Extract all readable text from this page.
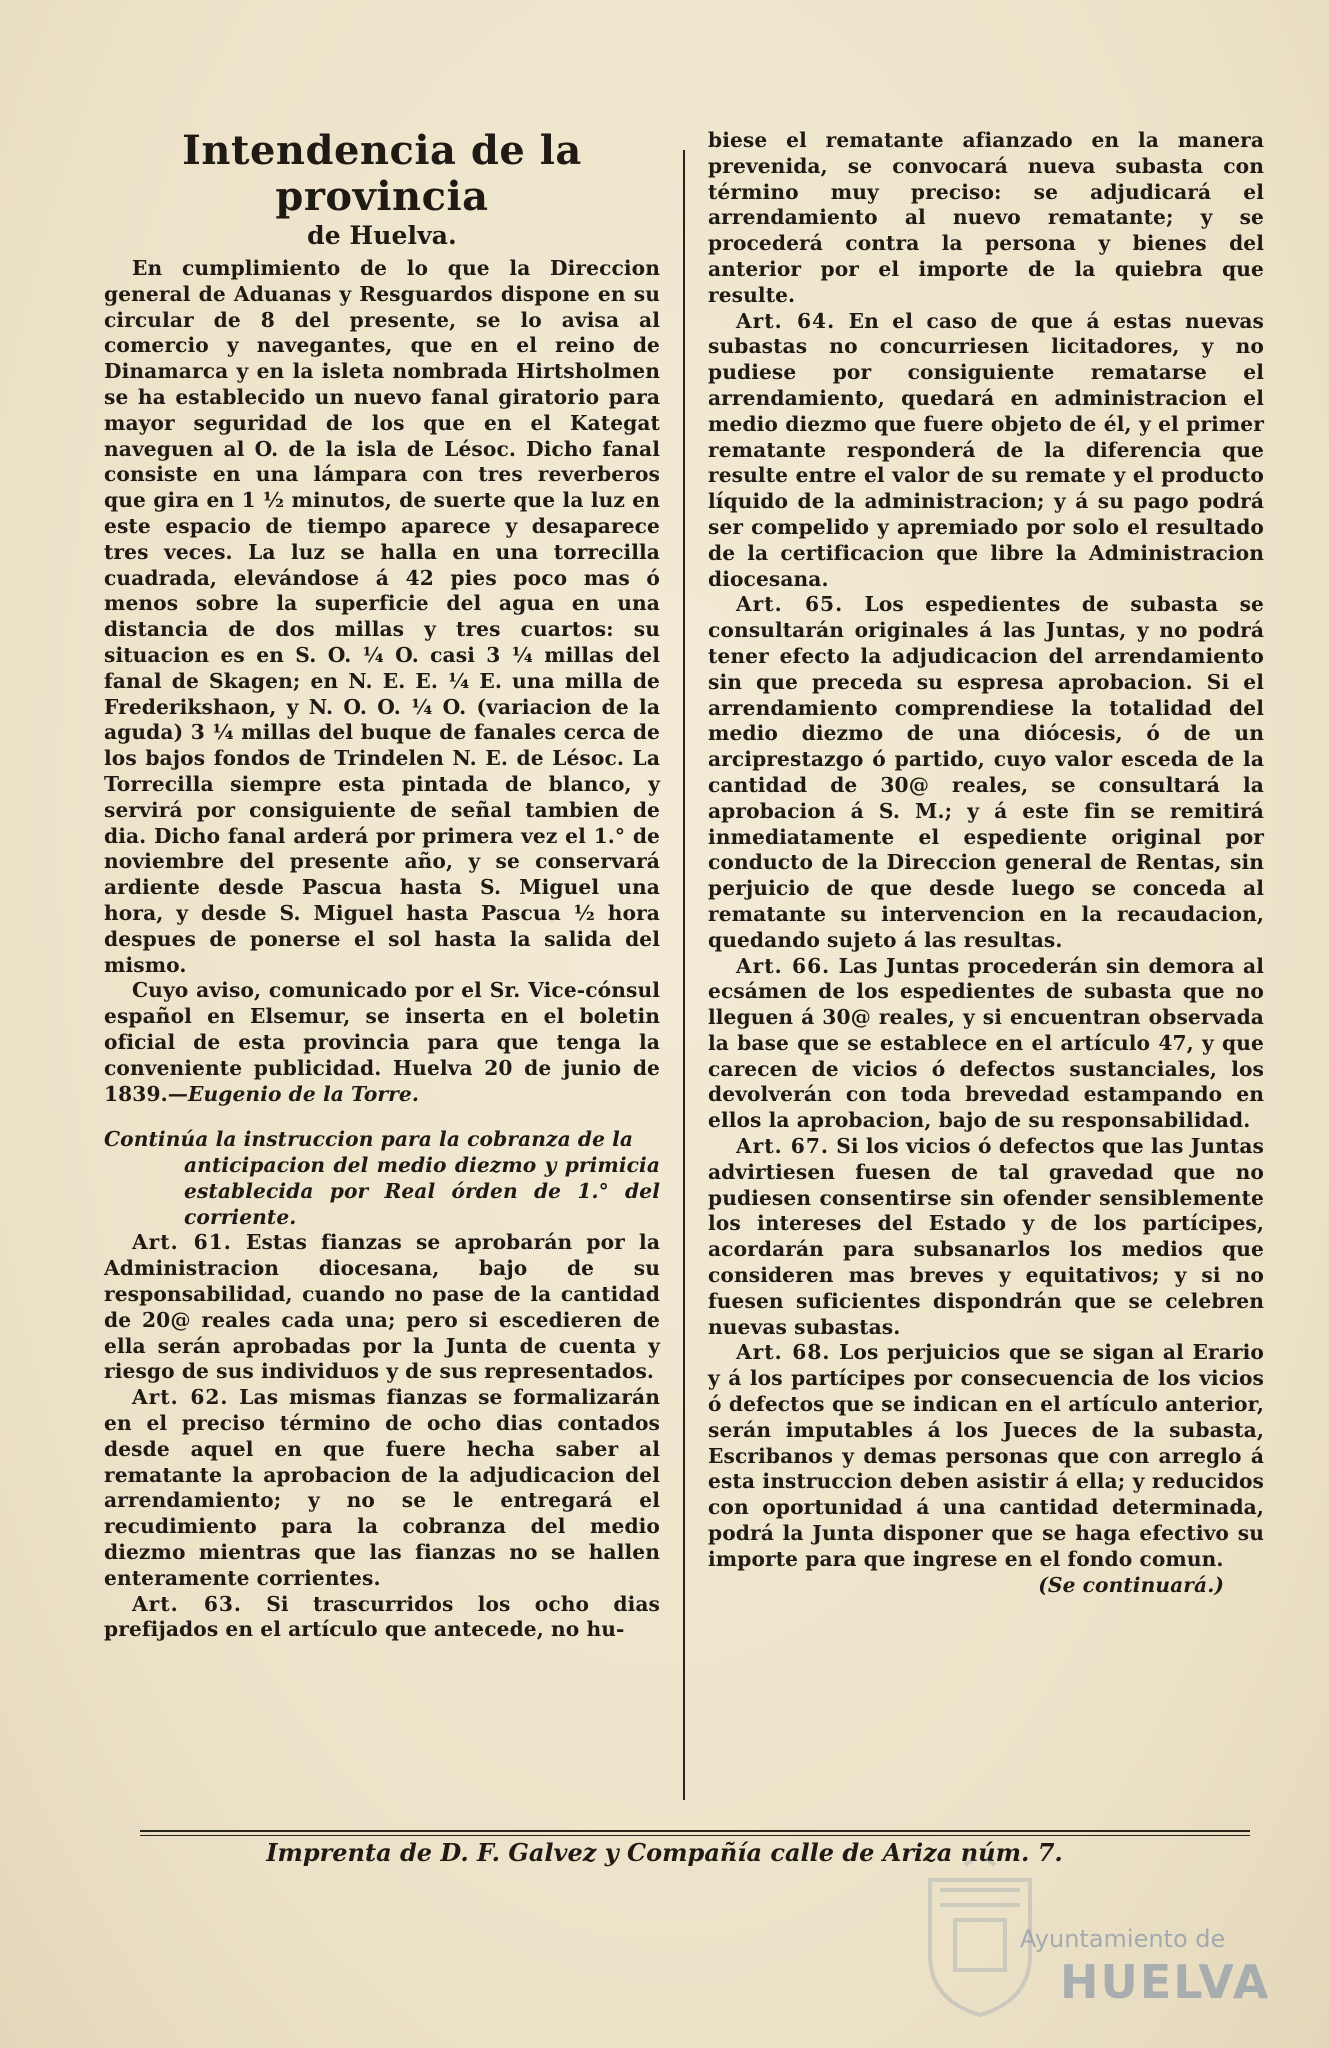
Intendencia de la provincia
de Huelva.

En cumplimiento de lo que la Direccion general de Aduanas y Resguardos dispone en su circular de 8 del presente, se lo avisa al comercio y navegantes, que en el reino de Dinamarca y en la isleta nombrada Hirtsholmen se ha establecido un nuevo fanal giratorio para mayor seguridad de los que en el Kategat naveguen al O. de la isla de Lésoc. Dicho fanal consiste en una lámpara con tres reverberos que gira en 1 ½ minutos, de suerte que la luz en este espacio de tiempo aparece y desaparece tres veces. La luz se halla en una torrecilla cuadrada, elevándose á 42 pies poco mas ó menos sobre la superficie del agua en una distancia de dos millas y tres cuartos: su situacion es en S. O. ¼ O. casi 3 ¼ millas del fanal de Skagen; en N. E. E. ¼ E. una milla de Frederikshaon, y N. O. O. ¼ O. (variacion de la aguda) 3 ¼ millas del buque de fanales cerca de los bajos fondos de Trindelen N. E. de Lésoc. La Torrecilla siempre esta pintada de blanco, y servirá por consiguiente de señal tambien de dia. Dicho fanal arderá por primera vez el 1.° de noviembre del presente año, y se conservará ardiente desde Pascua hasta S. Miguel una hora, y desde S. Miguel hasta Pascua ½ hora despues de ponerse el sol hasta la salida del mismo.

Cuyo aviso, comunicado por el Sr. Vice-cónsul español en Elsemur, se inserta en el boletin oficial de esta provincia para que tenga la conveniente publicidad. Huelva 20 de junio de 1839.—Eugenio de la Torre.

Continúa la instruccion para la cobranza de la
anticipacion del medio diezmo y primicia establecida por Real órden de 1.° del corriente.

Art. 61. Estas fianzas se aprobarán por la Administracion diocesana, bajo de su responsabilidad, cuando no pase de la cantidad de 20@ reales cada una; pero si escedieren de ella serán aprobadas por la Junta de cuenta y riesgo de sus individuos y de sus representados.

Art. 62. Las mismas fianzas se formalizarán en el preciso término de ocho dias contados desde aquel en que fuere hecha saber al rematante la aprobacion de la adjudicacion del arrendamiento; y no se le entregará el recudimiento para la cobranza del medio diezmo mientras que las fianzas no se hallen enteramente corrientes.

Art. 63. Si trascurridos los ocho dias prefijados en el artículo que antecede, no hu-

biese el rematante afianzado en la manera prevenida, se convocará nueva subasta con término muy preciso: se adjudicará el arrendamiento al nuevo rematante; y se procederá contra la persona y bienes del anterior por el importe de la quiebra que resulte.

Art. 64. En el caso de que á estas nuevas subastas no concurriesen licitadores, y no pudiese por consiguiente rematarse el arrendamiento, quedará en administracion el medio diezmo que fuere objeto de él, y el primer rematante responderá de la diferencia que resulte entre el valor de su remate y el producto líquido de la administracion; y á su pago podrá ser compelido y apremiado por solo el resultado de la certificacion que libre la Administracion diocesana.

Art. 65. Los espedientes de subasta se consultarán originales á las Juntas, y no podrá tener efecto la adjudicacion del arrendamiento sin que preceda su espresa aprobacion. Si el arrendamiento comprendiese la totalidad del medio diezmo de una diócesis, ó de un arciprestazgo ó partido, cuyo valor esceda de la cantidad de 30@ reales, se consultará la aprobacion á S. M.; y á este fin se remitirá inmediatamente el espediente original por conducto de la Direccion general de Rentas, sin perjuicio de que desde luego se conceda al rematante su intervencion en la recaudacion, quedando sujeto á las resultas.

Art. 66. Las Juntas procederán sin demora al ecsámen de los espedientes de subasta que no lleguen á 30@ reales, y si encuentran observada la base que se establece en el artículo 47, y que carecen de vicios ó defectos sustanciales, los devolverán con toda brevedad estampando en ellos la aprobacion, bajo de su responsabilidad.

Art. 67. Si los vicios ó defectos que las Juntas advirtiesen fuesen de tal gravedad que no pudiesen consentirse sin ofender sensiblemente los intereses del Estado y de los partícipes, acordarán para subsanarlos los medios que consideren mas breves y equitativos; y si no fuesen suficientes dispondrán que se celebren nuevas subastas.

Art. 68. Los perjuicios que se sigan al Erario y á los partícipes por consecuencia de los vicios ó defectos que se indican en el artículo anterior, serán imputables á los Jueces de la subasta, Escribanos y demas personas que con arreglo á esta instruccion deben asistir á ella; y reducidos con oportunidad á una cantidad determinada, podrá la Junta disponer que se haga efectivo su importe para que ingrese en el fondo comun.

(Se continuará.)

Imprenta de D. F. Galvez y Compañía calle de Ariza núm. 7.
Ayuntamiento de
HUELVA
